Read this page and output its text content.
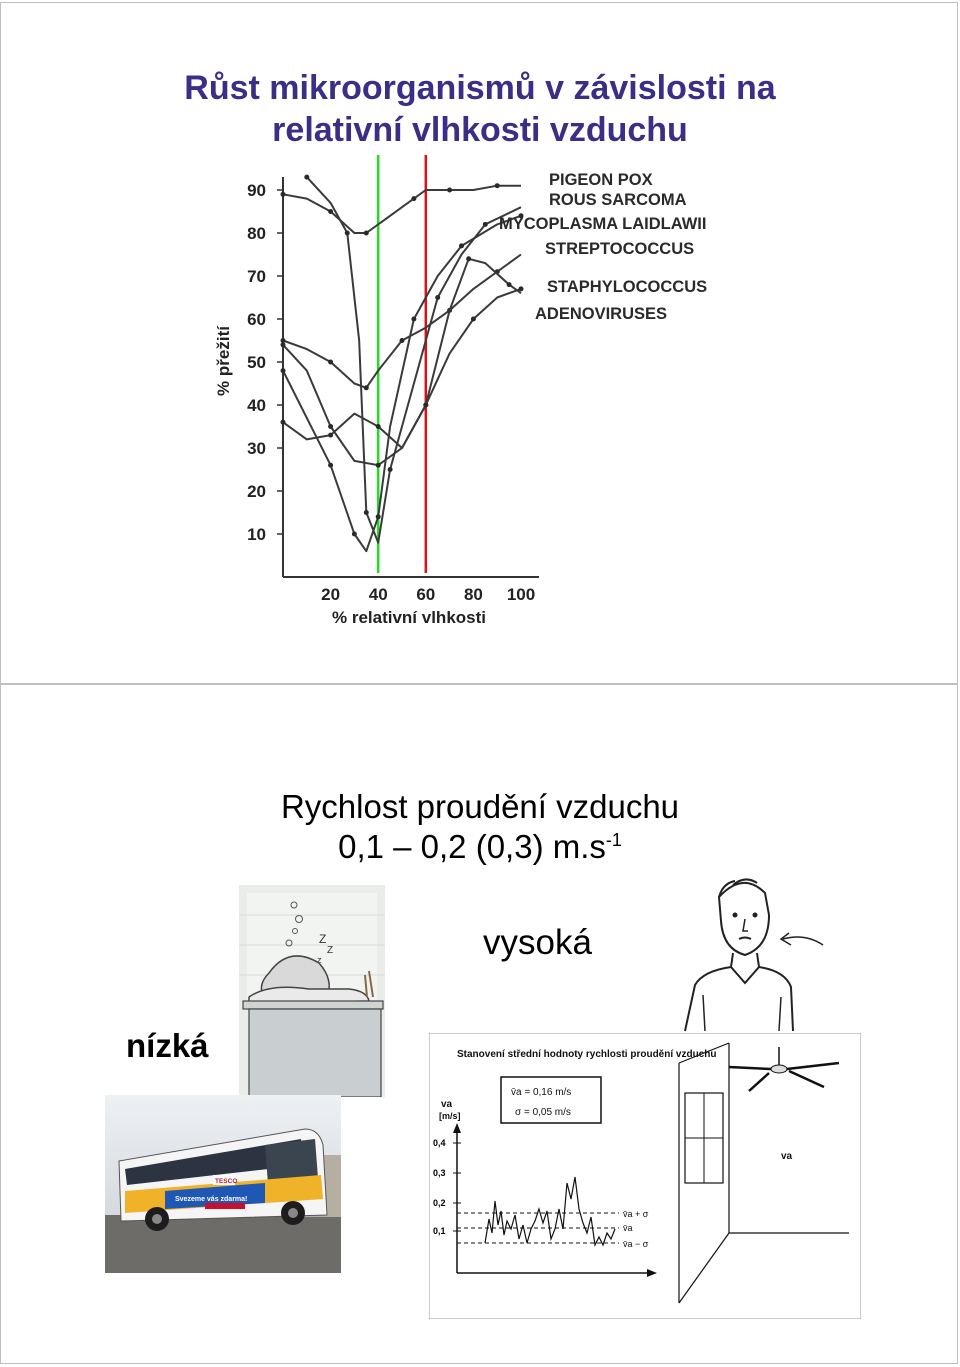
Růst mikroorganismů v závislosti na
relativní vlhkosti vzduchu
90
80
70
60
50
40
30
20
10
20 40 60 80 100
PIGEON POX
ROUS SARCOMA
MYCOPLASMA LAIDLAWII
STREPTOCOCCUS
STAPHYLOCOCCUS
ADENOVIRUSES
% relativní vlhkosti
% přežití
Rychlost proudění vzduchu
0,1 – 0,2 (0,3) $m.s^{-1}$
vysoká
nízká
Z
Z
z
Svezeme vás zdarma!
TESCO
Stanovení střední hodnoty rychlosti proudění vzduchu
v̄a = 0,16 m/s
σ = 0,05 m/s
va
[m/s]
0,4
0,3
0,2
0,1
v̄a + σ
v̄a
v̄a − σ
va
